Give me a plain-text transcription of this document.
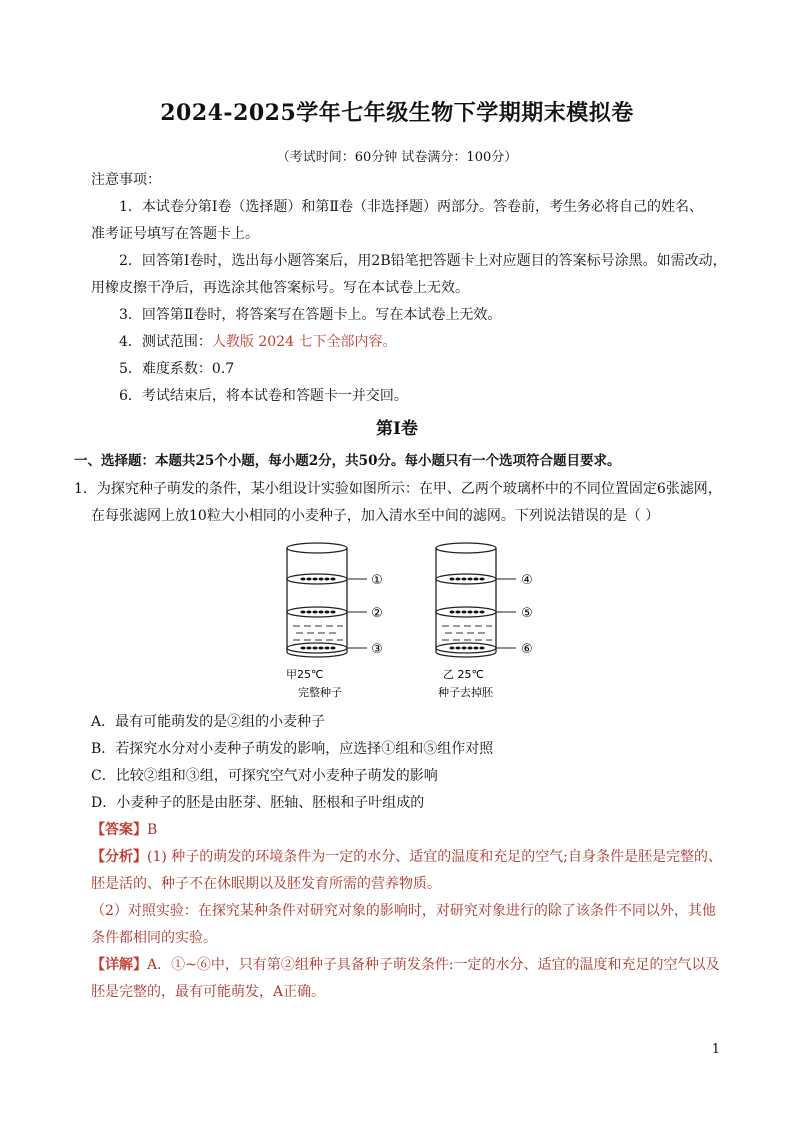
2024-2025学年七年级生物下学期期末模拟卷
（考试时间：60分钟 试卷满分：100分）
注意事项：
1．本试卷分第Ⅰ卷（选择题）和第Ⅱ卷（非选择题）两部分。答卷前，考生务必将自己的姓名、
准考证号填写在答题卡上。
2．回答第Ⅰ卷时，选出每小题答案后，用2B铅笔把答题卡上对应题目的答案标号涂黑。如需改动，
用橡皮擦干净后，再选涂其他答案标号。写在本试卷上无效。
3．回答第Ⅱ卷时，将答案写在答题卡上。写在本试卷上无效。
4．测试范围：人教版 2024 七下全部内容。
5．难度系数：0.7
6．考试结束后，将本试卷和答题卡一并交回。
第Ⅰ卷
一、选择题：本题共25个小题，每小题2分，共50分。每小题只有一个选项符合题目要求。
1．为探究种子萌发的条件，某小组设计实验如图所示：在甲、乙两个玻璃杯中的不同位置固定6张滤网，
在每张滤网上放10粒大小相同的小麦种子，加入清水至中间的滤网。下列说法错误的是（ ）
①
②
③
甲25℃
完整种子
④
⑤
⑥
乙 25℃
种子去掉胚
A．最有可能萌发的是②组的小麦种子
B．若探究水分对小麦种子萌发的影响，应选择①组和⑤组作对照
C．比较②组和③组，可探究空气对小麦种子萌发的影响
D．小麦种子的胚是由胚芽、胚轴、胚根和子叶组成的
【答案】B
【分析】(1) 种子的萌发的环境条件为一定的水分、适宜的温度和充足的空气;自身条件是胚是完整的、
胚是活的、种子不在休眠期以及胚发育所需的营养物质。
（2）对照实验：在探究某种条件对研究对象的影响时，对研究对象进行的除了该条件不同以外，其他
条件都相同的实验。
【详解】A．①~⑥中，只有第②组种子具备种子萌发条件:一定的水分、适宜的温度和充足的空气以及
胚是完整的，最有可能萌发，A正确。
1
